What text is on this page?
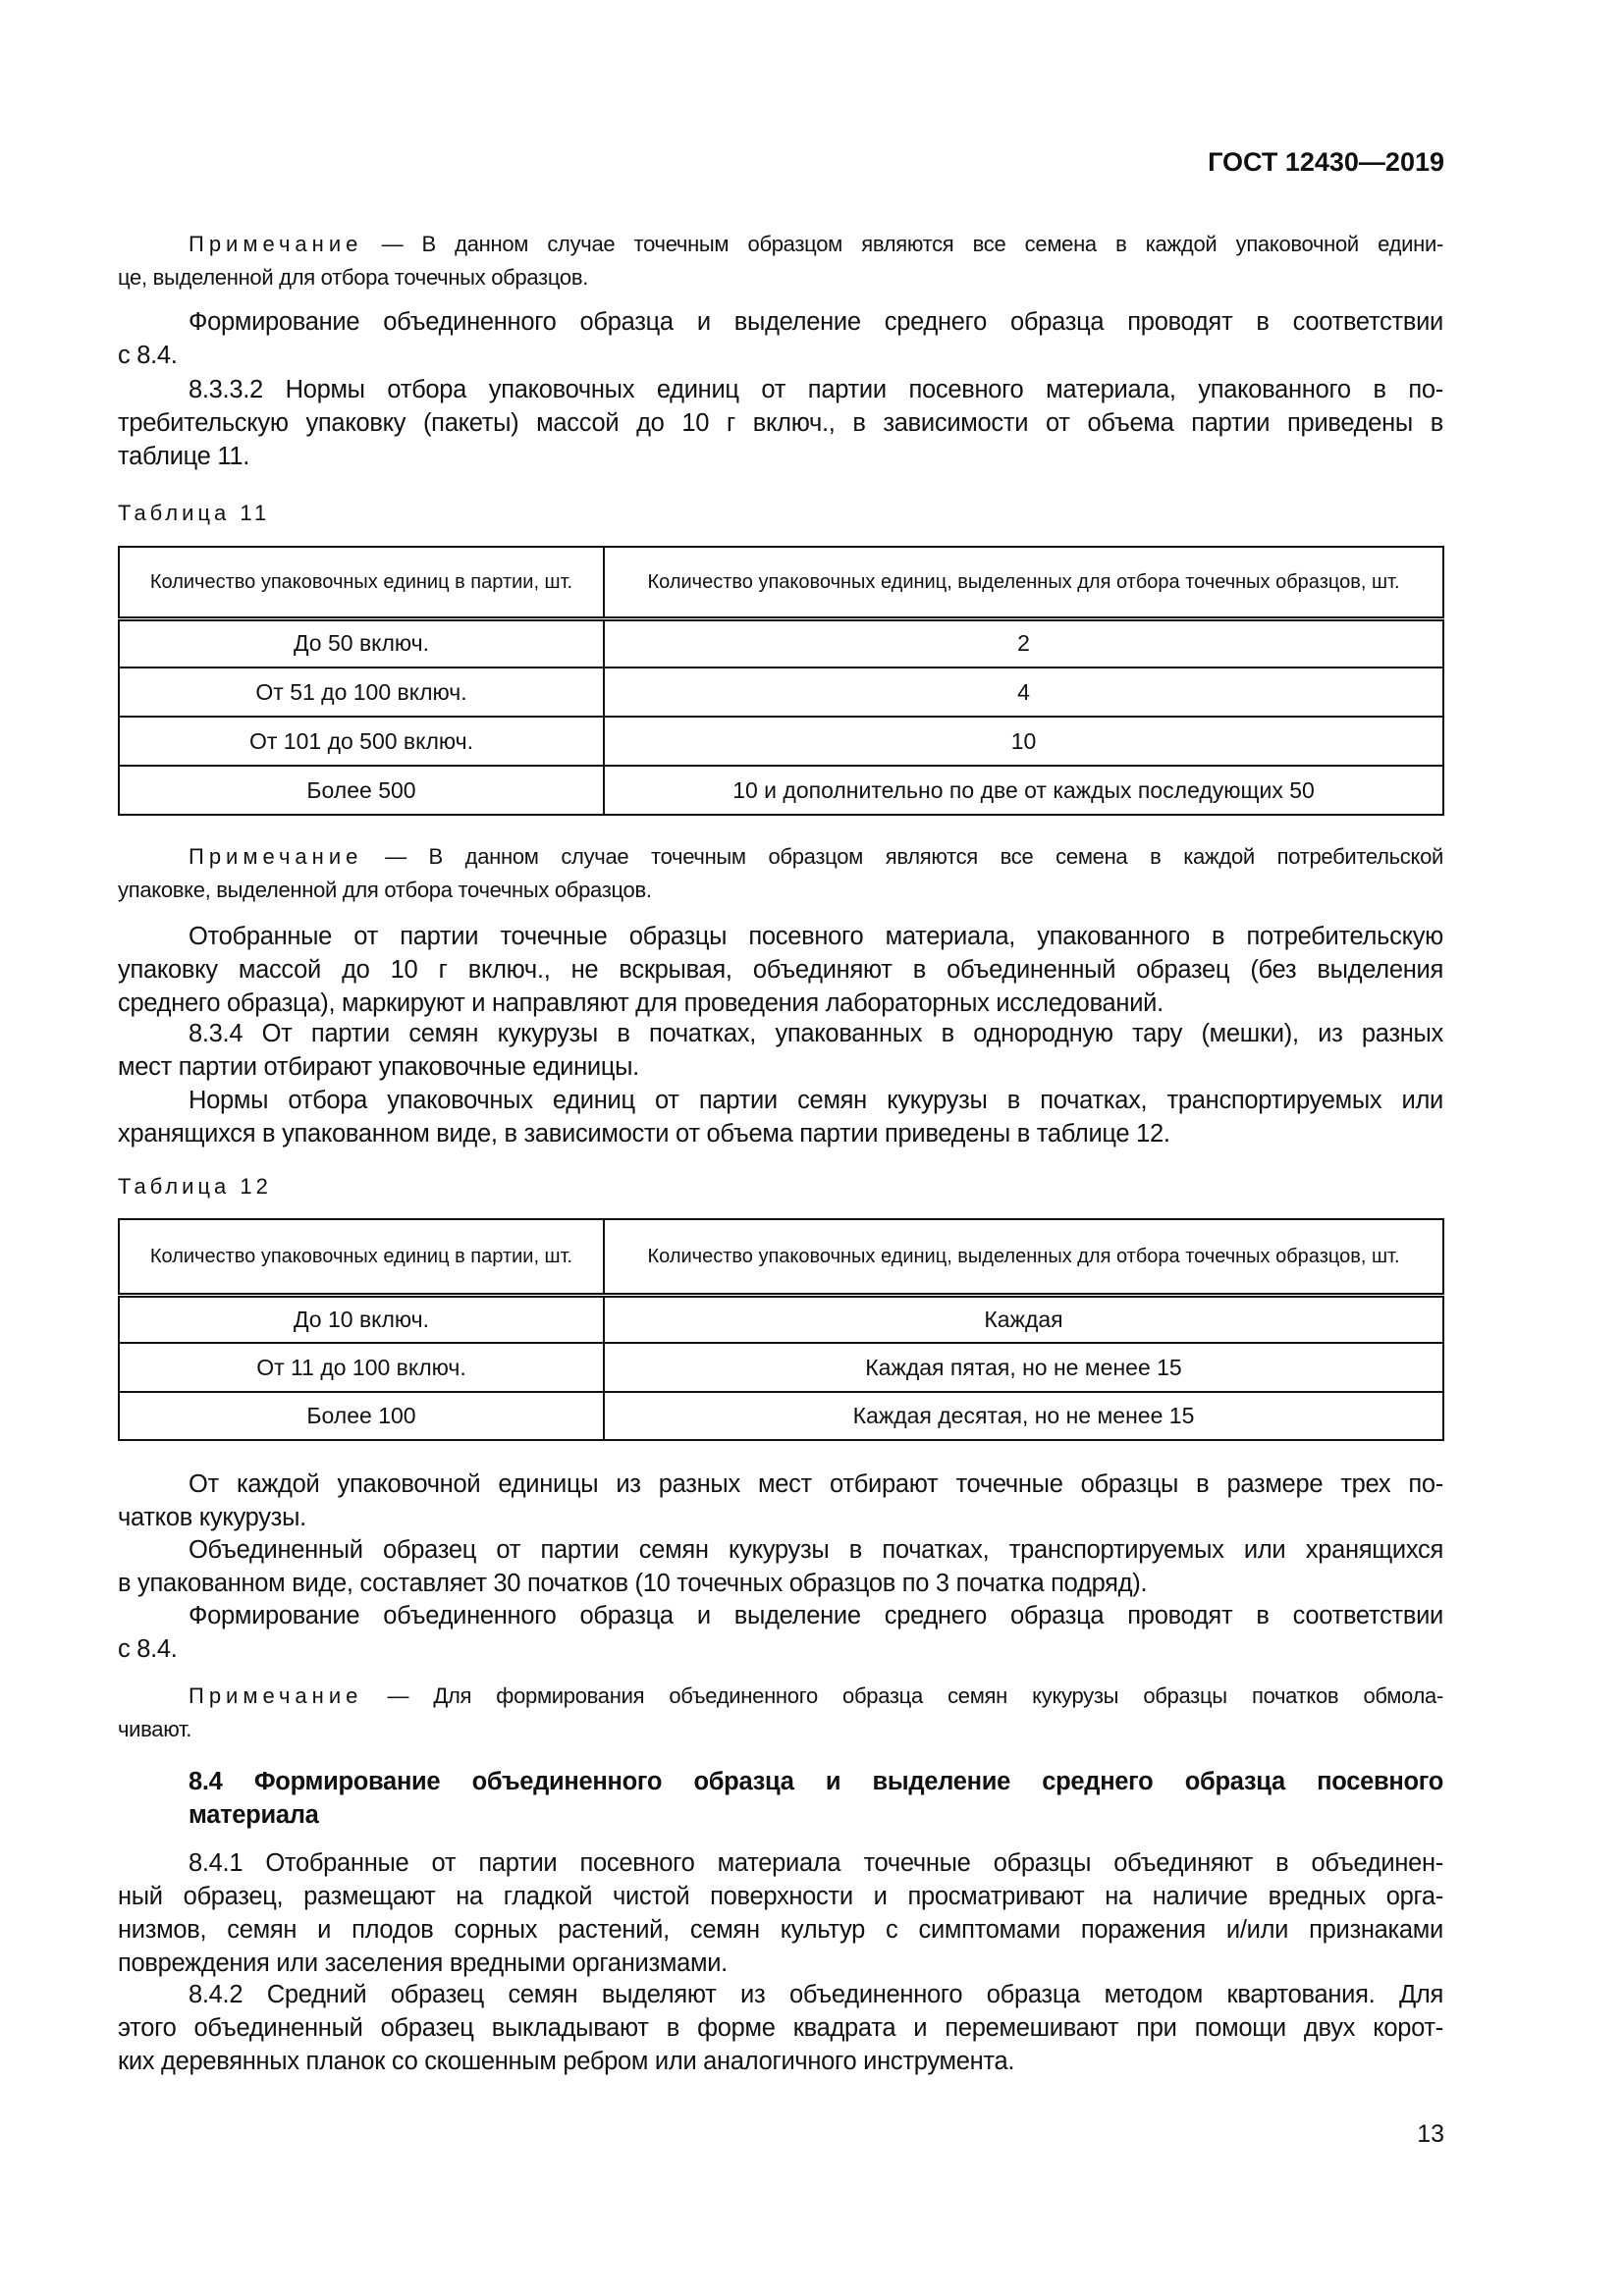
ГОСТ 12430—2019
Примечание — В данном случае точечным образцом являются все семена в каждой упаковочной едини-
це, выделенной для отбора точечных образцов.
Формирование объединенного образца и выделение среднего образца проводят в соответствии
с 8.4.
8.3.3.2 Нормы отбора упаковочных единиц от партии посевного материала, упакованного в по-
требительскую упаковку (пакеты) массой до 10 г включ., в зависимости от объема партии приведены в
таблице 11.
Примечание — В данном случае точечным образцом являются все семена в каждой потребительской
упаковке, выделенной для отбора точечных образцов.
Отобранные от партии точечные образцы посевного материала, упакованного в потребительскую
упаковку массой до 10 г включ., не вскрывая, объединяют в объединенный образец (без выделения
среднего образца), маркируют и направляют для проведения лабораторных исследований.
8.3.4 От партии семян кукурузы в початках, упакованных в однородную тару (мешки), из разных
мест партии отбирают упаковочные единицы.
Нормы отбора упаковочных единиц от партии семян кукурузы в початках, транспортируемых или
хранящихся в упакованном виде, в зависимости от объема партии приведены в таблице 12.
От каждой упаковочной единицы из разных мест отбирают точечные образцы в размере трех по-
чатков кукурузы.
Объединенный образец от партии семян кукурузы в початках, транспортируемых или хранящихся
в упакованном виде, составляет 30 початков (10 точечных образцов по 3 початка подряд).
Формирование объединенного образца и выделение среднего образца проводят в соответствии
с 8.4.
Примечание — Для формирования объединенного образца семян кукурузы образцы початков обмола-
чивают.
8.4 Формирование объединенного образца и выделение среднего образца посевного
материала
8.4.1 Отобранные от партии посевного материала точечные образцы объединяют в объединен-
ный образец, размещают на гладкой чистой поверхности и просматривают на наличие вредных орга-
низмов, семян и плодов сорных растений, семян культур с симптомами поражения и/или признаками
повреждения или заселения вредными организмами.
8.4.2 Средний образец семян выделяют из объединенного образца методом квартования. Для
этого объединенный образец выкладывают в форме квадрата и перемешивают при помощи двух корот-
ких деревянных планок со скошенным ребром или аналогичного инструмента.
Таблица 11
Количество упаковочных единиц в партии, шт.	Количество упаковочных единиц, выделенных для отбора точечных образцов, шт.
До 50 включ.	2
От 51 до 100 включ.	4
От 101 до 500 включ.	10
Более 500	10 и дополнительно по две от каждых последующих 50
Таблица 12
Количество упаковочных единиц в партии, шт.	Количество упаковочных единиц, выделенных для отбора точечных образцов, шт.
До 10 включ.	Каждая
От 11 до 100 включ.	Каждая пятая, но не менее 15
Более 100	Каждая десятая, но не менее 15
13
